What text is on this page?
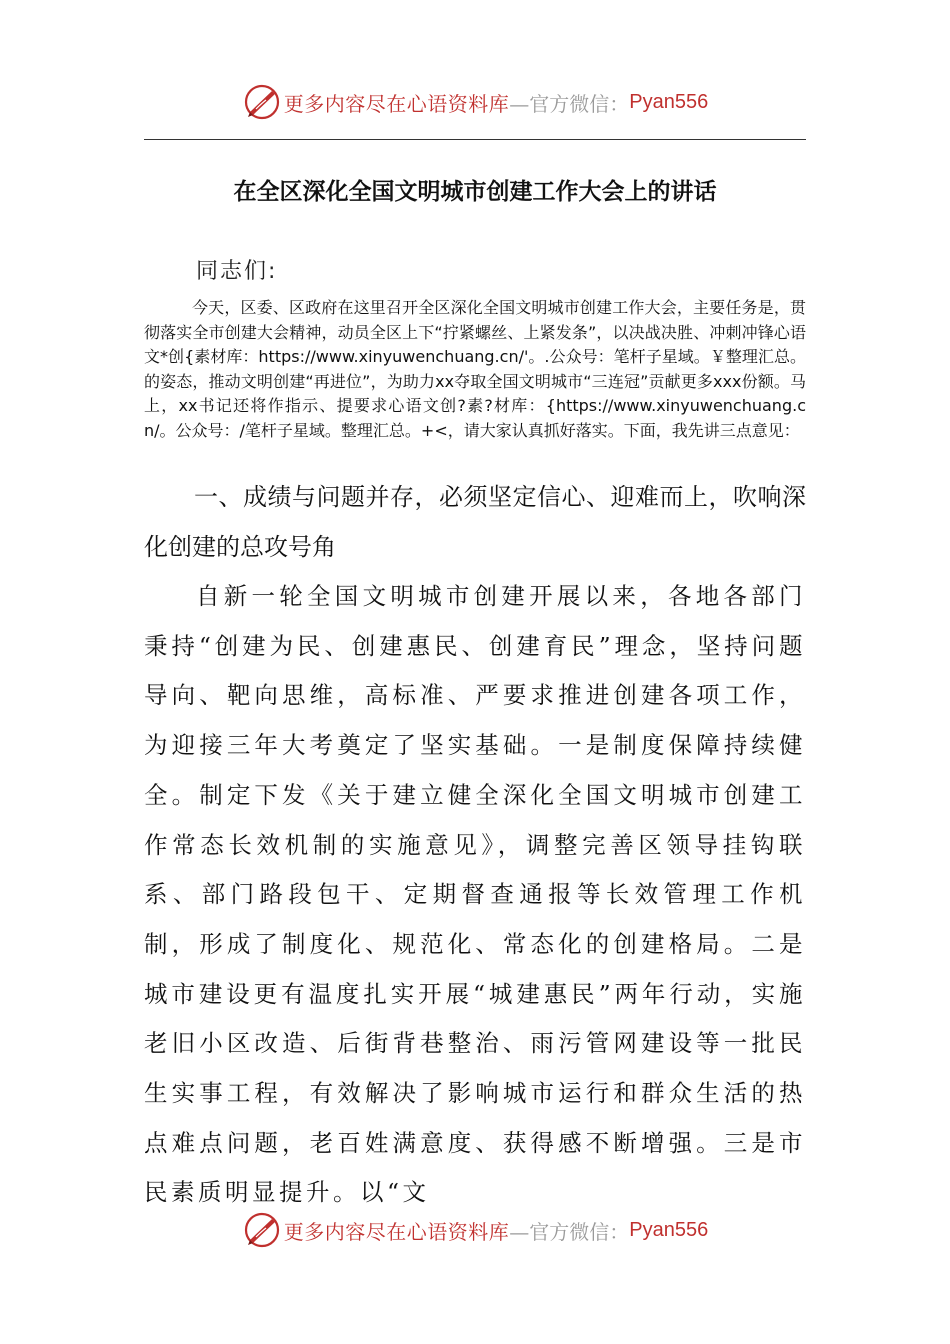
更多内容尽在心语资料库 —官方微信： Pyan556
在全区深化全国文明城市创建工作大会上的讲话
同志们:

今天，区委、区政府在这里召开全区深化全国文明城市创建工作大会，主要任务是，贯彻落实全市创建大会精神，动员全区上下“拧紧螺丝、上紧发条”，以决战决胜、冲刺冲锋心语文*创{素材库：https://www.xinyuwenchuang.cn/'。.公众号：笔杆子星域。￥整理汇总。的姿态，推动文明创建“再进位”，为助力xx夺取全国文明城市“三连冠”贡献更多xxx份额。马上，xx书记还将作指示、提要求心语文创?素?材库：{https://www.xinyuwenchuang.cn/。公众号：/笔杆子星域。整理汇总。+<，请大家认真抓好落实。下面，我先讲三点意见：

一、成绩与问题并存，必须坚定信心、迎难而上，吹响深化创建的总攻号角

自新一轮全国文明城市创建开展以来，各地各部门秉持“创建为民、创建惠民、创建育民”理念，坚持问题导向、靶向思维，高标准、严要求推进创建各项工作，为迎接三年大考奠定了坚实基础。一是制度保障持续健全。制定下发《关于建立健全深化全国文明城市创建工作常态长效机制的实施意见》，调整完善区领导挂钩联系、部门路段包干、定期督查通报等长效管理工作机制，形成了制度化、规范化、常态化的创建格局。二是城市建设更有温度扎实开展“城建惠民”两年行动，实施老旧小区改造、后街背巷整治、雨污管网建设等一批民生实事工程，有效解决了影响城市运行和群众生活的热点难点问题，老百姓满意度、获得感不断增强。三是市民素质明显提升。以“文

更多内容尽在心语资料库 —官方微信： Pyan556
